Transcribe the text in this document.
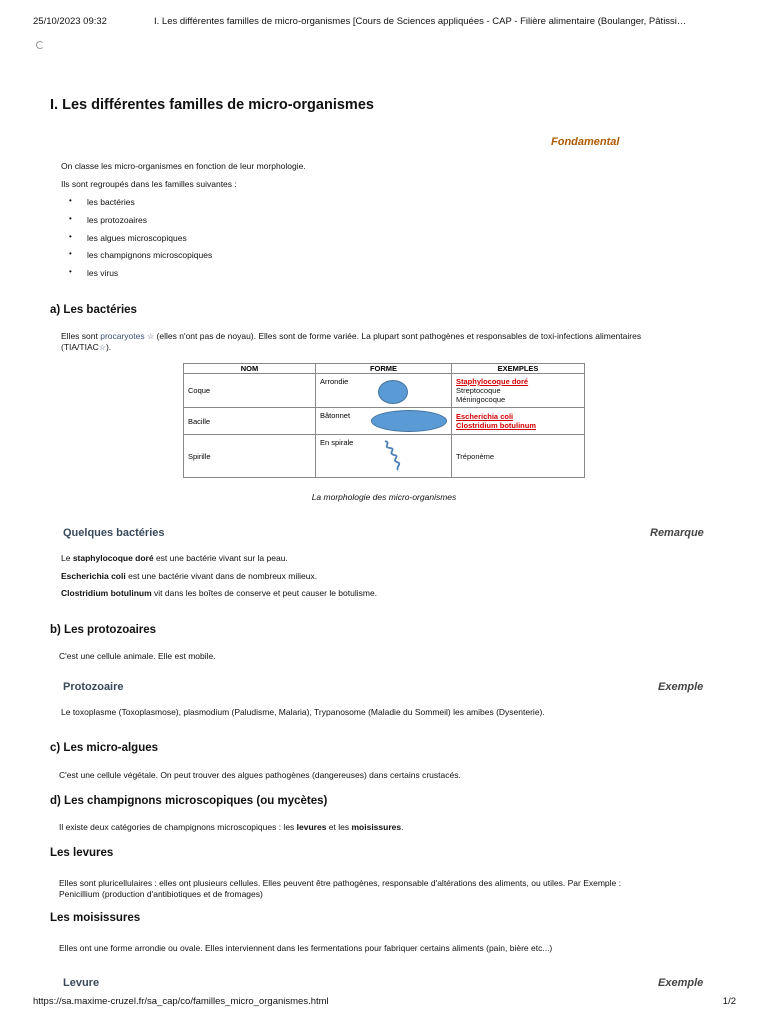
25/10/2023 09:32	I. Les différentes familles de micro-organismes [Cours de Sciences appliquées - CAP - Filière alimentaire (Boulanger, Pâtissi…
I. Les différentes familles de micro-organismes
Fondamental
On classe les micro-organismes en fonction de leur morphologie.
Ils sont regroupés dans les familles suivantes :
• les bactéries
• les protozoaires
• les algues microscopiques
• les champignons microscopiques
• les virus
a) Les bactéries
Elles sont procaryotes ☆ (elles n'ont pas de noyau). Elles sont de forme variée. La plupart sont pathogènes et responsables de toxi-infections alimentaires
(TIA/TIAC☆).
NOM	FORME	EXEMPLES
Coque	Arrondie	Staphylocoque doré
Streptocoque
Méningocoque

Bacille	Bâtonnet	Escherichia coli
Clostridium botulinum

Spirille	En spirale	Tréponème
La morphologie des micro-organismes
Quelques bactéries	Remarque
Le staphylocoque doré est une bactérie vivant sur la peau.
Escherichia coli est une bactérie vivant dans de nombreux milieux.
Clostridium botulinum vit dans les boîtes de conserve et peut causer le botulisme.
b) Les protozoaires
C'est une cellule animale. Elle est mobile.
Protozoaire	Exemple
Le toxoplasme (Toxoplasmose), plasmodium (Paludisme, Malaria), Trypanosome (Maladie du Sommeil) les amibes (Dysenterie).
c) Les micro-algues
C'est une cellule végétale. On peut trouver des algues pathogènes (dangereuses) dans certains crustacés.
d) Les champignons microscopiques (ou mycètes)
Il existe deux catégories de champignons microscopiques : les levures et les moisissures.
Les levures
Elles sont pluricellulaires : elles ont plusieurs cellules. Elles peuvent être pathogènes, responsable d'altérations des aliments, ou utiles. Par Exemple :
Penicillium (production d'antibiotiques et de fromages)
Les moisissures
Elles ont une forme arrondie ou ovale. Elles interviennent dans les fermentations pour fabriquer certains aliments (pain, bière etc...)
Levure	Exemple
https://sa.maxime-cruzel.fr/sa_cap/co/familles_micro_organismes.html	1/2
